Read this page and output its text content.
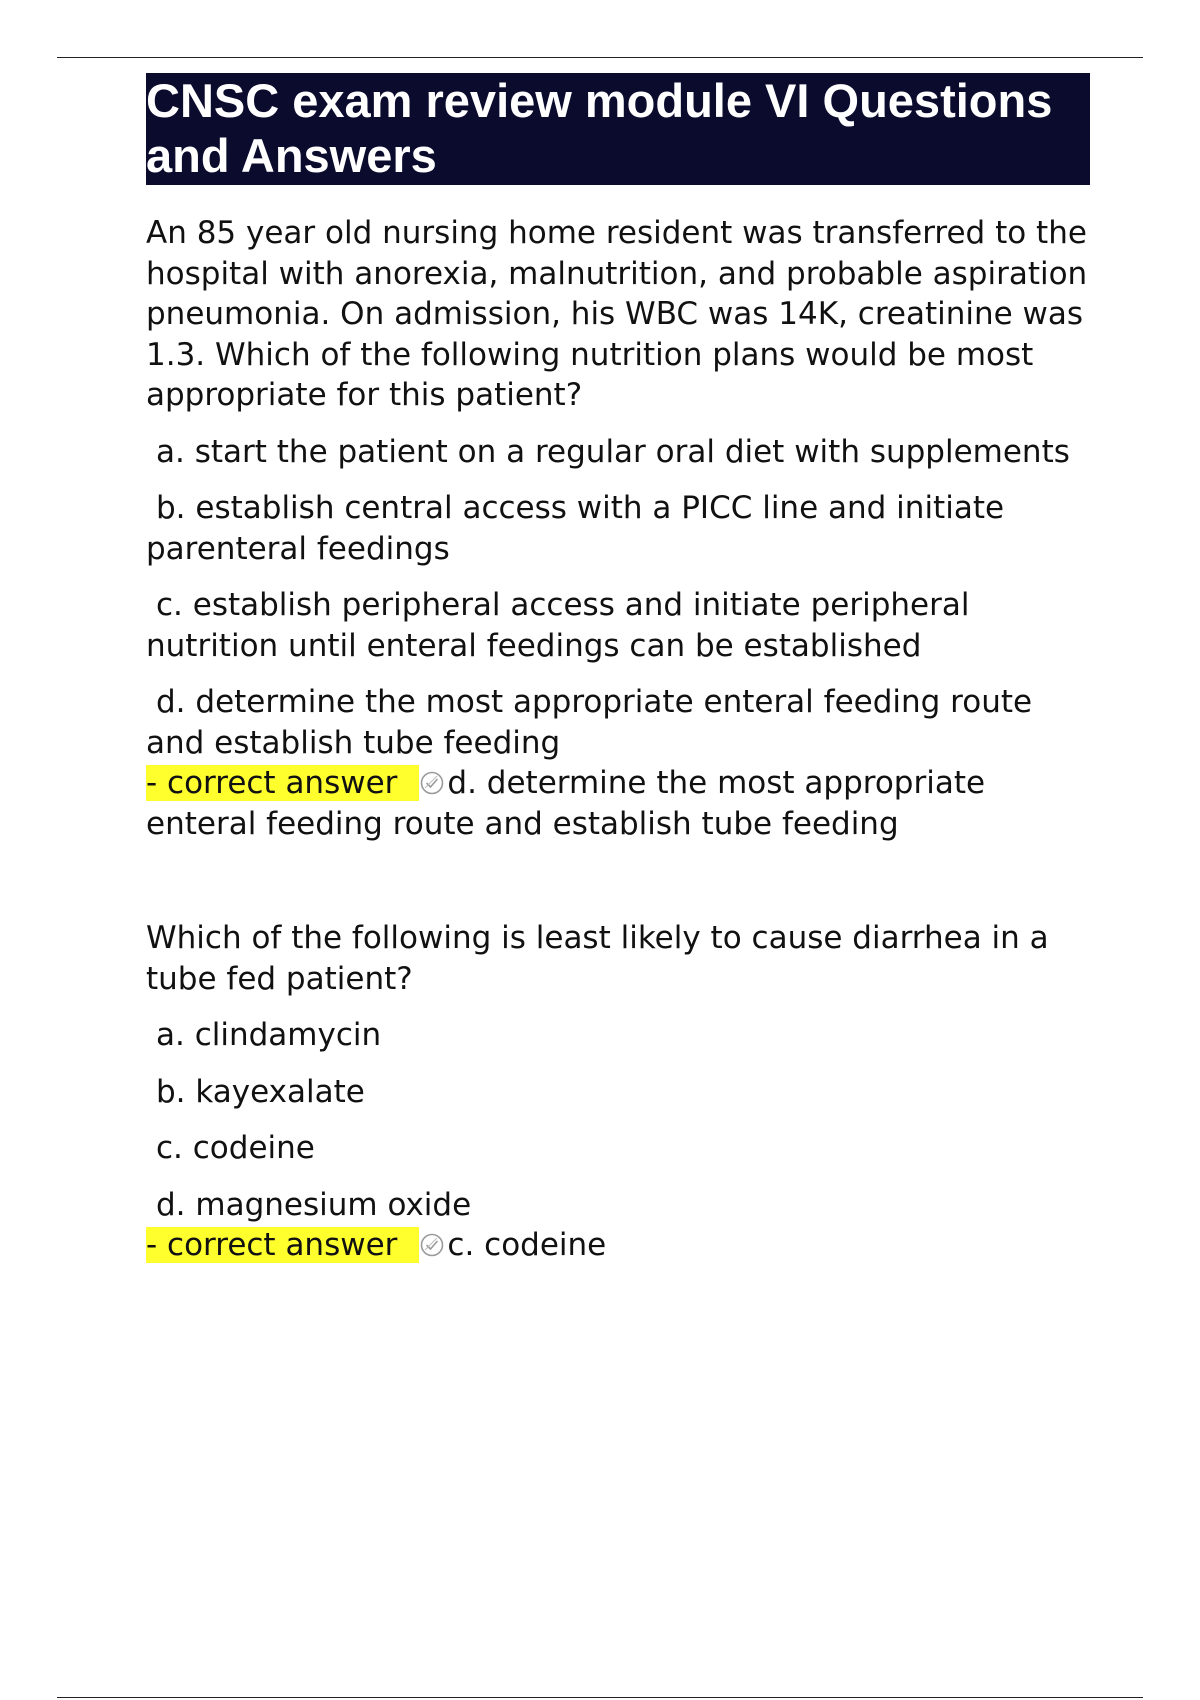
CNSC exam review module VI Questions and Answers

An 85 year old nursing home resident was transferred to the hospital with anorexia, malnutrition, and probable aspiration pneumonia. On admission, his WBC was 14K, creatinine was 1.3. Which of the following nutrition plans would be most appropriate for this patient?

a. start the patient on a regular oral diet with supplements

b. establish central access with a PICC line and initiate parenteral feedings

c. establish peripheral access and initiate peripheral nutrition until enteral feedings can be established

d. determine the most appropriate enteral feeding route and establish tube feeding

- correct answer d. determine the most appropriate enteral feeding route and establish tube feeding

Which of the following is least likely to cause diarrhea in a tube fed patient?

a. clindamycin

b. kayexalate

c. codeine

d. magnesium oxide

- correct answer c. codeine
